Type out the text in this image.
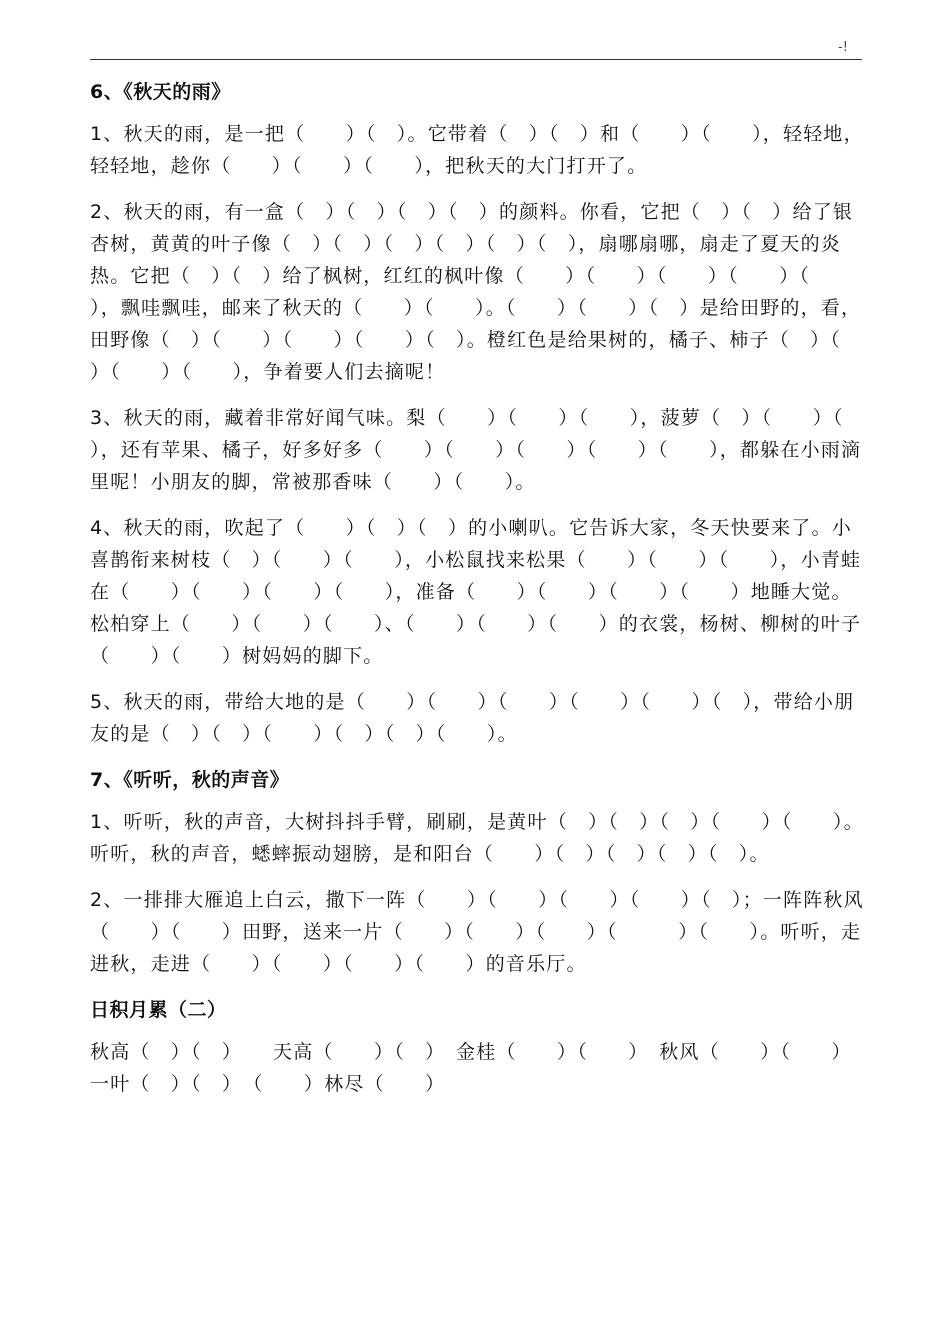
-!
6、《秋天的雨》

1、秋天的雨，是一把（　　）（　）。它带着（　）（　）和（　　）（　　），轻轻地，轻轻地，趁你（　　）（　　）（　　），把秋天的大门打开了。

2、秋天的雨，有一盒（　）（　）（　）（　）的颜料。你看，它把（　）（　）给了银杏树，黄黄的叶子像（　）（　）（　）（　）（　）（　），扇哪扇哪，扇走了夏天的炎热。它把（　）（　）给了枫树，红红的枫叶像（　　）（　　）（　　）（　　）（　　），飘哇飘哇，邮来了秋天的（　　）（　　）。（　　）（　　）（　）是给田野的，看，田野像（　）（　　）（　　）（　　）（　）。橙红色是给果树的，橘子、柿子（　）（　　）（　　）（　　），争着要人们去摘呢！

3、秋天的雨，藏着非常好闻气味。梨（　　）（　　）（　　），菠萝（　）（　　）（　　），还有苹果、橘子，好多好多（　　）（　　）（　　）（　　）（　　），都躲在小雨滴里呢！小朋友的脚，常被那香味（　　）（　　）。

4、秋天的雨，吹起了（　　）（　）（　）的小喇叭。它告诉大家，冬天快要来了。小喜鹊衔来树枝（　）（　　）（　　），小松鼠找来松果（　　）（　　）（　　），小青蛙在（　　）（　　）（　　）（　　），准备（　　）（　　）（　　）（　　）地睡大觉。松柏穿上（　　）（　　）（　　）、（　　）（　　）（　　）的衣裳，杨树、柳树的叶子（　　）（　　）树妈妈的脚下。

5、秋天的雨，带给大地的是（　　）（　　）（　　）（　　）（　　）（　），带给小朋友的是（　）（　）（　　）（　）（　）（　　）。

7、《听听，秋的声音》

1、听听，秋的声音，大树抖抖手臂，刷刷，是黄叶（　）（　）（　）（　　）（　　）。听听，秋的声音，蟋蟀振动翅膀，是和阳台（　　）（　）（　）（　）（　）。

2、一排排大雁追上白云，撒下一阵（　　）（　　）（　　）（　　）（　）；一阵阵秋风（　　）（　　）田野，送来一片（　　）（　　）（　　）（　　　）（　　）。听听，走进秋，走进（　　）（　　）（　　）（　　）的音乐厅。

日积月累（二）

秋高（　）（　）　　天高（　　）（　）　金桂（　　）（　　）　秋风（　　）（　　）　一叶（　）（　）　（　　）林尽（　　）
